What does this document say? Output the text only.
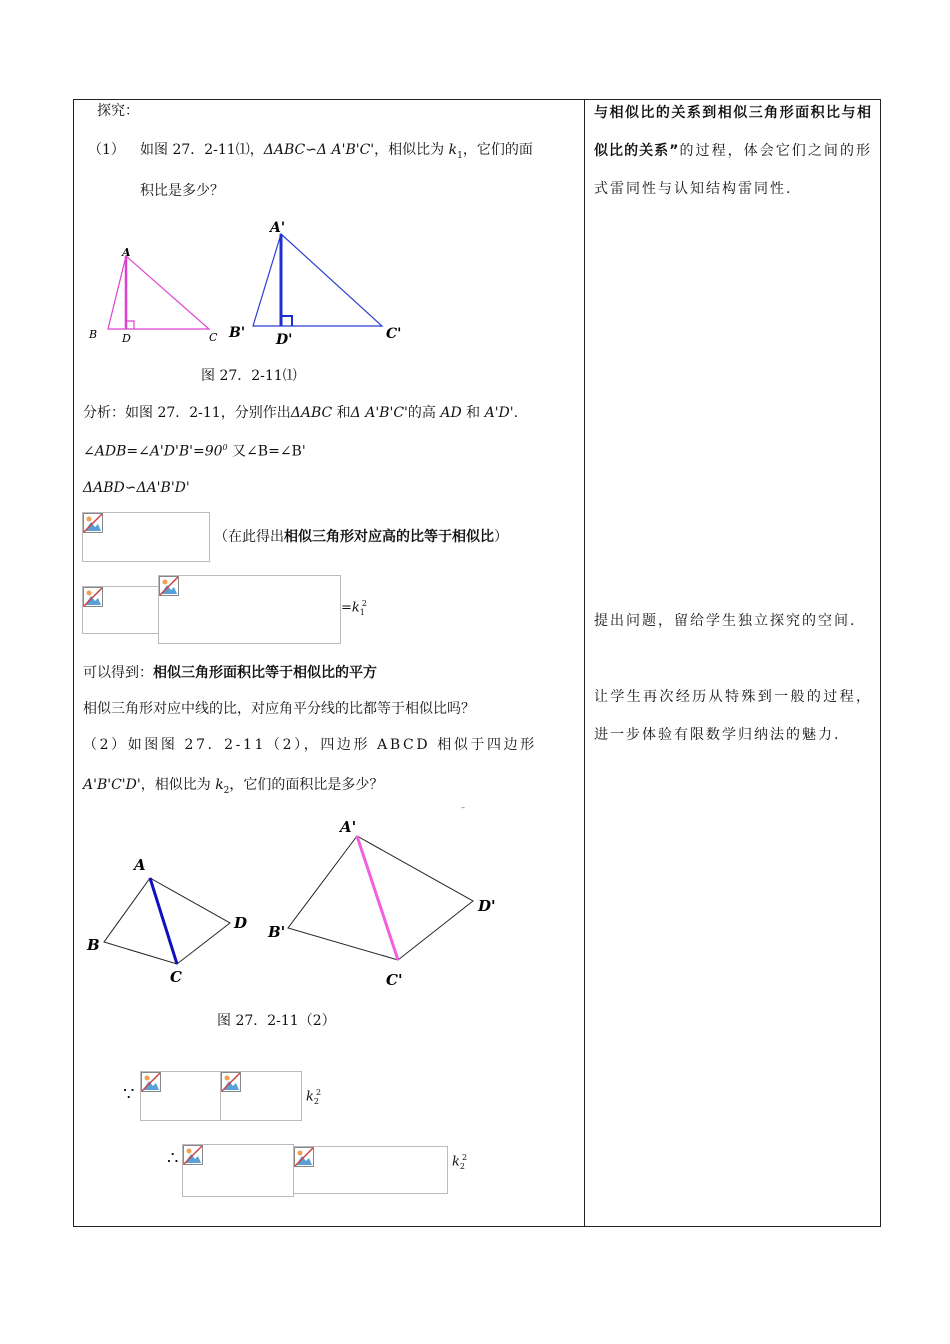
探究：
（1） 如图 27．2-11⑴，ΔABC∽Δ A'B'C'，相似比为 $k_1$，它们的面
积比是多少？
A
B D	C
A'
B' D'	C'
图 27．2-11⑴
分析：如图 27．2-11，分别作出ΔABC 和Δ A'B'C'的高 AD 和 A'D'.
$\angle ADB=\angle A'D'B'=90^0$ 又∠B=∠B'
ΔABD∽ΔA'B'D'
（在此得出相似三角形对应高的比等于相似比）
$=k_1^2$
可以得到：相似三角形面积比等于相似比的平方
相似三角形对应中线的比，对应角平分线的比都等于相似比吗？
（2）如图图 27．2-11（2），四边形 ABCD 相似于四边形
A'B'C'D'，相似比为 $k_2$，它们的面积比是多少？
–
A
B
C
D
A'
B'
C'
D'
图 27．2-11（2）
∵	$k_2^2$
∴	$k_2^2$
与相似比的关系到相似三角形面积比与相似比的关系”的过程，体会它们之间的形式雷同性与认知结构雷同性.
提出问题，留给学生独立探究的空间.
让学生再次经历从特殊到一般的过程，进一步体验有限数学归纳法的魅力.
